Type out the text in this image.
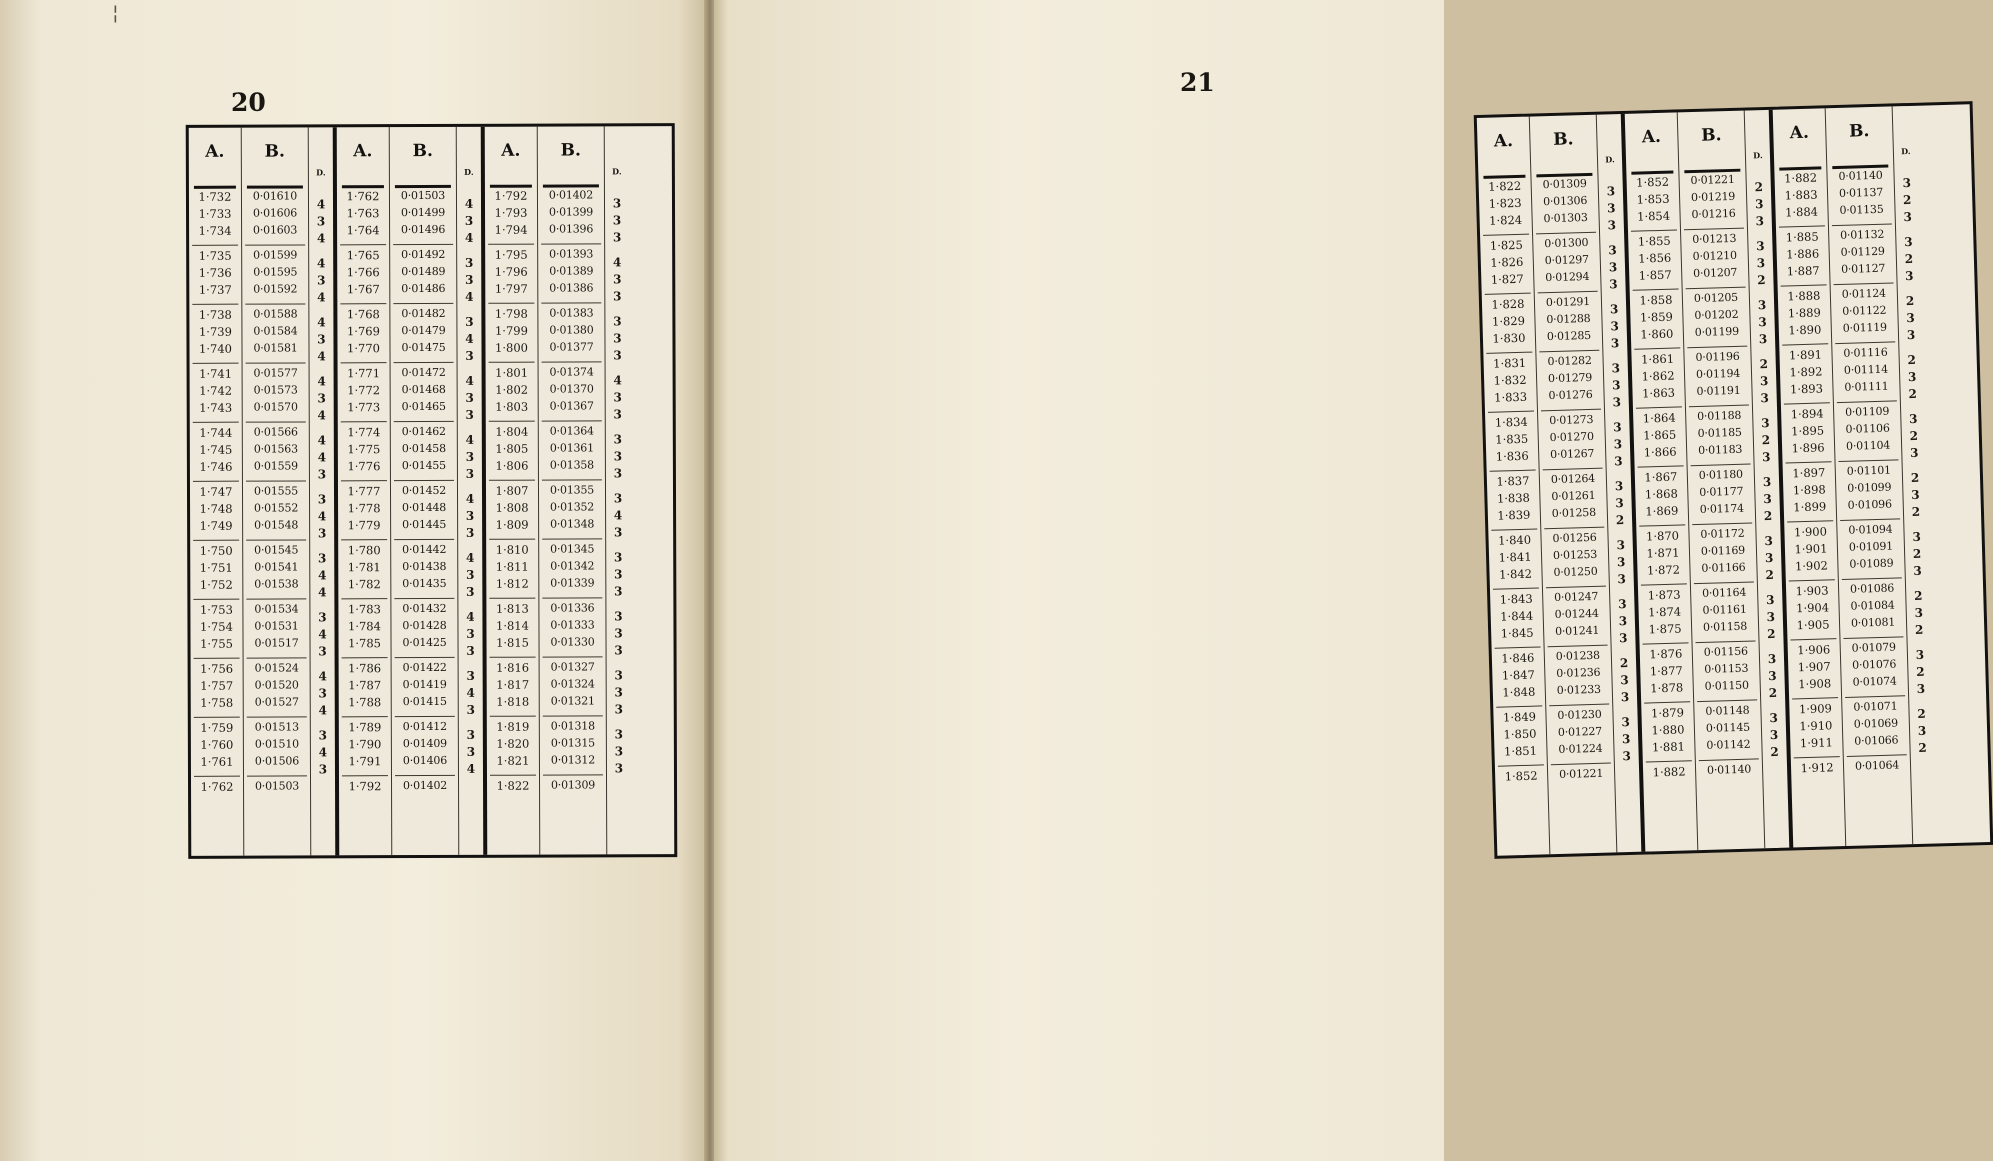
¦
20
A.
1·732
1·733
1·734
1·735
1·736
1·737
1·738
1·739
1·740
1·741
1·742
1·743
1·744
1·745
1·746
1·747
1·748
1·749
1·750
1·751
1·752
1·753
1·754
1·755
1·756
1·757
1·758
1·759
1·760
1·761
1·762
B.
0·01610
0·01606
0·01603
0·01599
0·01595
0·01592
0·01588
0·01584
0·01581
0·01577
0·01573
0·01570
0·01566
0·01563
0·01559
0·01555
0·01552
0·01548
0·01545
0·01541
0·01538
0·01534
0·01531
0·01517
0·01524
0·01520
0·01527
0·01513
0·01510
0·01506
0·01503
D.
4
3
4
4
3
4
4
3
4
4
3
4
4
4
3
3
4
3
3
4
4
3
4
3
4
3
4
3
4
3
A.
1·762
1·763
1·764
1·765
1·766
1·767
1·768
1·769
1·770
1·771
1·772
1·773
1·774
1·775
1·776
1·777
1·778
1·779
1·780
1·781
1·782
1·783
1·784
1·785
1·786
1·787
1·788
1·789
1·790
1·791
1·792
B.
0·01503
0·01499
0·01496
0·01492
0·01489
0·01486
0·01482
0·01479
0·01475
0·01472
0·01468
0·01465
0·01462
0·01458
0·01455
0·01452
0·01448
0·01445
0·01442
0·01438
0·01435
0·01432
0·01428
0·01425
0·01422
0·01419
0·01415
0·01412
0·01409
0·01406
0·01402
D.
4
3
4
3
3
4
3
4
3
4
3
3
4
3
3
4
3
3
4
3
3
4
3
3
3
4
3
3
3
4
A.
1·792
1·793
1·794
1·795
1·796
1·797
1·798
1·799
1·800
1·801
1·802
1·803
1·804
1·805
1·806
1·807
1·808
1·809
1·810
1·811
1·812
1·813
1·814
1·815
1·816
1·817
1·818
1·819
1·820
1·821
1·822
B.
0·01402
0·01399
0·01396
0·01393
0·01389
0·01386
0·01383
0·01380
0·01377
0·01374
0·01370
0·01367
0·01364
0·01361
0·01358
0·01355
0·01352
0·01348
0·01345
0·01342
0·01339
0·01336
0·01333
0·01330
0·01327
0·01324
0·01321
0·01318
0·01315
0·01312
0·01309
D.
3
3
3
4
3
3
3
3
3
4
3
3
3
3
3
3
4
3
3
3
3
3
3
3
3
3
3
3
3
3
21
A.
1·822
1·823
1·824
1·825
1·826
1·827
1·828
1·829
1·830
1·831
1·832
1·833
1·834
1·835
1·836
1·837
1·838
1·839
1·840
1·841
1·842
1·843
1·844
1·845
1·846
1·847
1·848
1·849
1·850
1·851
1·852
B.
0·01309
0·01306
0·01303
0·01300
0·01297
0·01294
0·01291
0·01288
0·01285
0·01282
0·01279
0·01276
0·01273
0·01270
0·01267
0·01264
0·01261
0·01258
0·01256
0·01253
0·01250
0·01247
0·01244
0·01241
0·01238
0·01236
0·01233
0·01230
0·01227
0·01224
0·01221
D.
3
3
3
3
3
3
3
3
3
3
3
3
3
3
3
3
3
2
3
3
3
3
3
3
2
3
3
3
3
3
A.
1·852
1·853
1·854
1·855
1·856
1·857
1·858
1·859
1·860
1·861
1·862
1·863
1·864
1·865
1·866
1·867
1·868
1·869
1·870
1·871
1·872
1·873
1·874
1·875
1·876
1·877
1·878
1·879
1·880
1·881
1·882
B.
0·01221
0·01219
0·01216
0·01213
0·01210
0·01207
0·01205
0·01202
0·01199
0·01196
0·01194
0·01191
0·01188
0·01185
0·01183
0·01180
0·01177
0·01174
0·01172
0·01169
0·01166
0·01164
0·01161
0·01158
0·01156
0·01153
0·01150
0·01148
0·01145
0·01142
0·01140
D.
2
3
3
3
3
2
3
3
3
2
3
3
3
2
3
3
3
2
3
3
2
3
3
2
3
3
2
3
3
2
A.
1·882
1·883
1·884
1·885
1·886
1·887
1·888
1·889
1·890
1·891
1·892
1·893
1·894
1·895
1·896
1·897
1·898
1·899
1·900
1·901
1·902
1·903
1·904
1·905
1·906
1·907
1·908
1·909
1·910
1·911
1·912
B.
0·01140
0·01137
0·01135
0·01132
0·01129
0·01127
0·01124
0·01122
0·01119
0·01116
0·01114
0·01111
0·01109
0·01106
0·01104
0·01101
0·01099
0·01096
0·01094
0·01091
0·01089
0·01086
0·01084
0·01081
0·01079
0·01076
0·01074
0·01071
0·01069
0·01066
0·01064
D.
3
2
3
3
2
3
2
3
3
2
3
2
3
2
3
2
3
2
3
2
3
2
3
2
3
2
3
2
3
2
